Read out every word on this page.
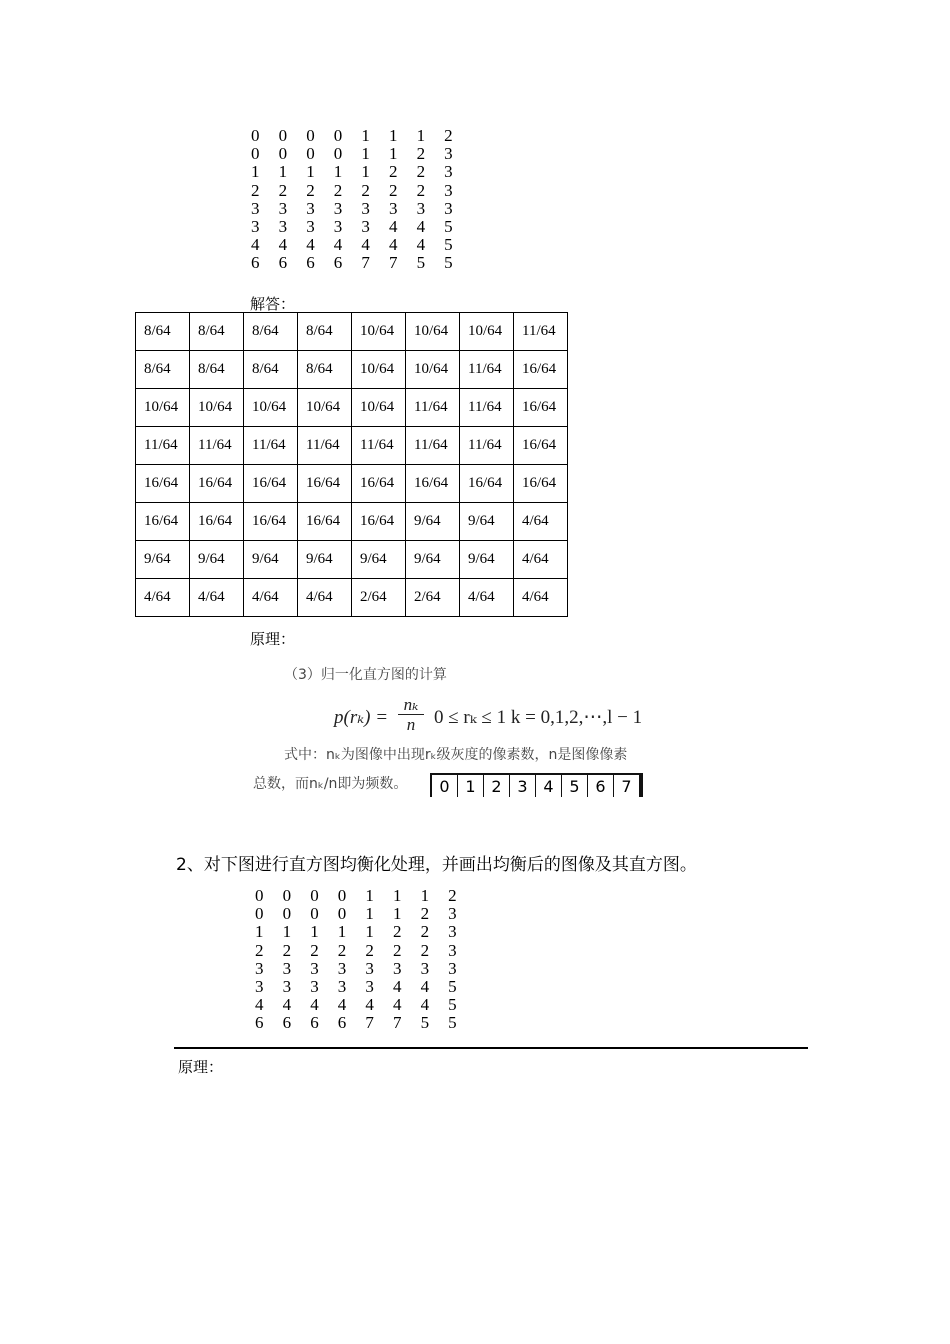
0	0	0	0	1	1	1	2
0	0	0	0	1	1	2	3
1	1	1	1	1	2	2	3
2	2	2	2	2	2	2	3
3	3	3	3	3	3	3	3
3	3	3	3	3	4	4	5
4	4	4	4	4	4	4	5
6	6	6	6	7	7	5	5
解答：
8/64	8/64	8/64	8/64	10/64	10/64	10/64	11/64
8/64	8/64	8/64	8/64	10/64	10/64	11/64	16/64
10/64	10/64	10/64	10/64	10/64	11/64	11/64	16/64
11/64	11/64	11/64	11/64	11/64	11/64	11/64	16/64
16/64	16/64	16/64	16/64	16/64	16/64	16/64	16/64
16/64	16/64	16/64	16/64	16/64	9/64	9/64	4/64
9/64	9/64	9/64	9/64	9/64	9/64	9/64	4/64
4/64	4/64	4/64	4/64	2/64	2/64	4/64	4/64
原理：
（3）归一化直方图的计算
$p(r_k) = \frac{\text{nₖ}}{n} 0 \le r_k \le 1$ k = 0,1,2,⋯,l − 1
式中：nₖ为图像中出现rₖ级灰度的像素数，n是图像像素
总数，而nₖ/n即为频数。	0 1 2 3 4 5 6 7
2、对下图进行直方图均衡化处理，并画出均衡后的图像及其直方图。
0	0	0	0	1	1	1	2
0	0	0	0	1	1	2	3
1	1	1	1	1	2	2	3
2	2	2	2	2	2	2	3
3	3	3	3	3	3	3	3
3	3	3	3	3	4	4	5
4	4	4	4	4	4	4	5
6	6	6	6	7	7	5	5
原理：
